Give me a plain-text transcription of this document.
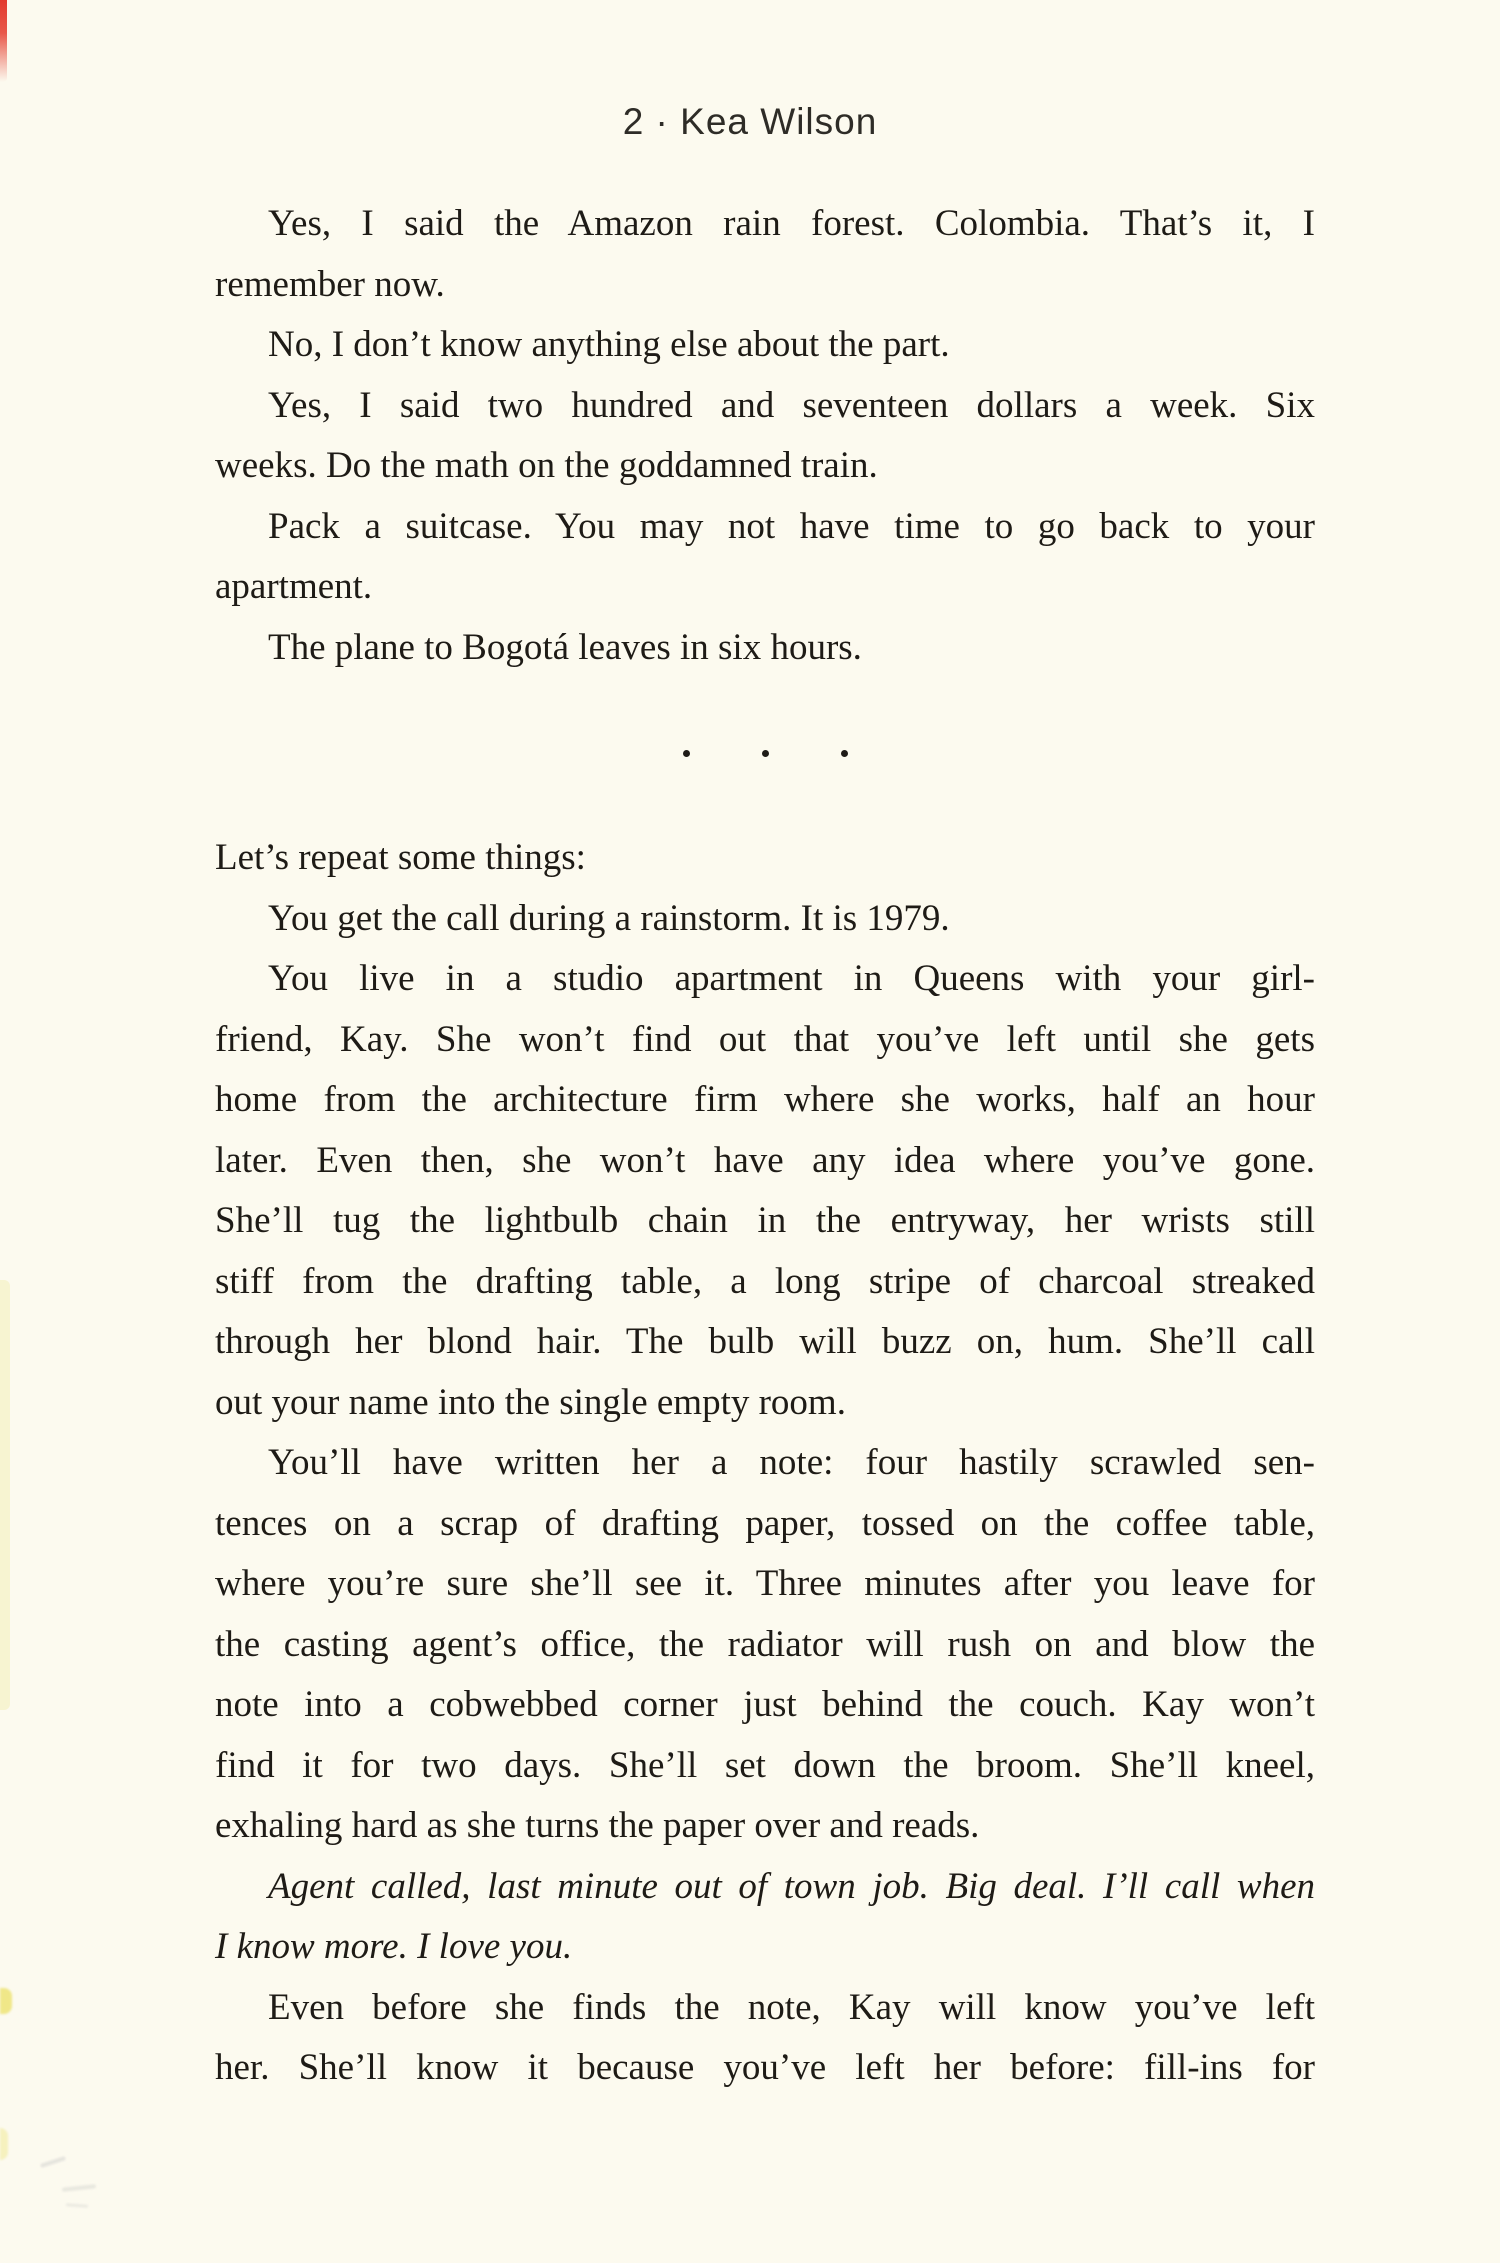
2 · Kea Wilson
Yes, I said the Amazon rain forest. Colombia. That’s it, I
remember now.
No, I don’t know anything else about the part.
Yes, I said two hundred and seventeen dollars a week. Six
weeks. Do the math on the goddamned train.
Pack a suitcase. You may not have time to go back to your
apartment.
The plane to Bogotá leaves in six hours.
Let’s repeat some things:
You get the call during a rainstorm. It is 1979.
You live in a studio apartment in Queens with your girl-
friend, Kay. She won’t find out that you’ve left until she gets
home from the architecture firm where she works, half an hour
later. Even then, she won’t have any idea where you’ve gone.
She’ll tug the lightbulb chain in the entryway, her wrists still
stiff from the drafting table, a long stripe of charcoal streaked
through her blond hair. The bulb will buzz on, hum. She’ll call
out your name into the single empty room.
You’ll have written her a note: four hastily scrawled sen-
tences on a scrap of drafting paper, tossed on the coffee table,
where you’re sure she’ll see it. Three minutes after you leave for
the casting agent’s office, the radiator will rush on and blow the
note into a cobwebbed corner just behind the couch. Kay won’t
find it for two days. She’ll set down the broom. She’ll kneel,
exhaling hard as she turns the paper over and reads.
Agent called, last minute out of town job. Big deal. I’ll call when
I know more. I love you.
Even before she finds the note, Kay will know you’ve left
her. She’ll know it because you’ve left her before: fill-ins for
